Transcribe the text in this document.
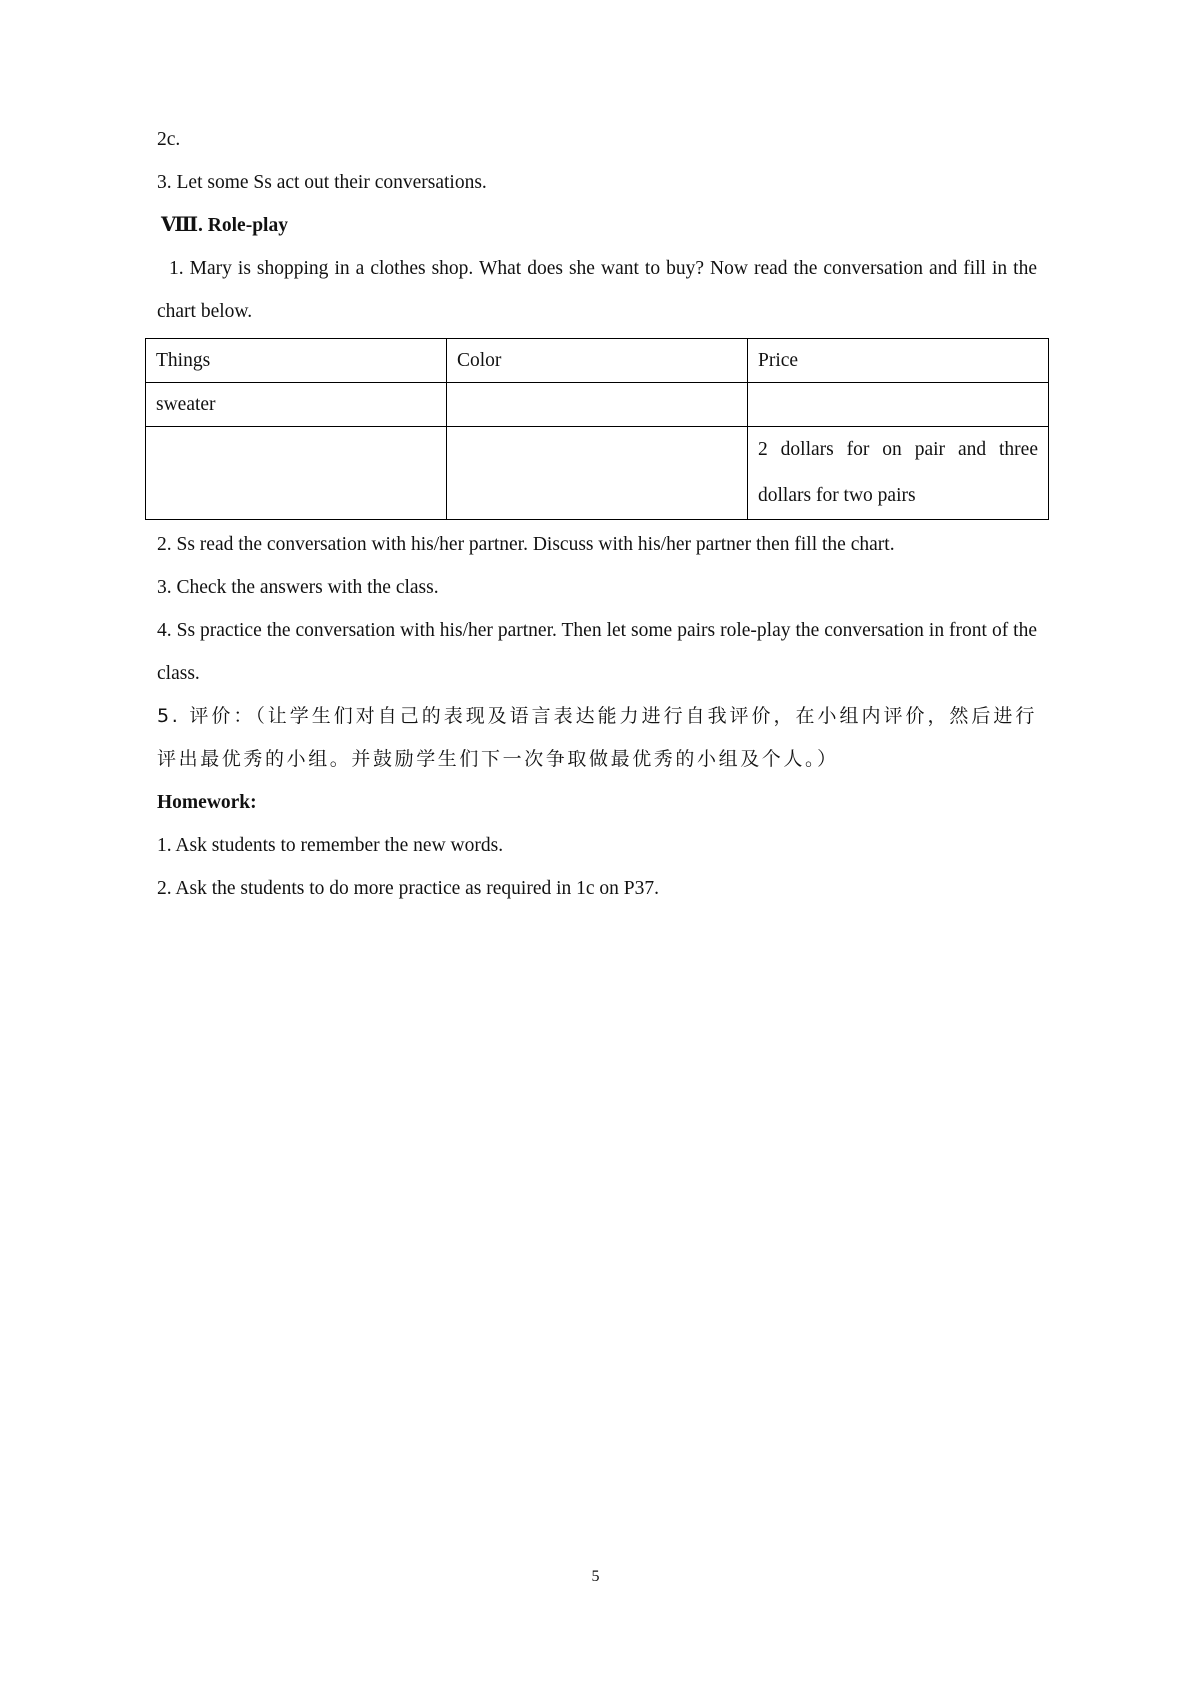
2c.

3. Let some Ss act out their conversations.

Ⅷ. Role-play

1. Mary is shopping in a clothes shop. What does she want to buy? Now read the conversation and fill in the chart below.

Things	Color	Price
sweater		
		2 dollars for on pair and three dollars for two pairs

2. Ss read the conversation with his/her partner. Discuss with his/her partner then fill the chart.

3. Check the answers with the class.

4. Ss practice the conversation with his/her partner. Then let some pairs role-play the conversation in front of the class.

5. 评价：（让学生们对自己的表现及语言表达能力进行自我评价，在小组内评价，然后进行评出最优秀的小组。并鼓励学生们下一次争取做最优秀的小组及个人。）

Homework:

1. Ask students to remember the new words.

2. Ask the students to do more practice as required in 1c on P37.

5
